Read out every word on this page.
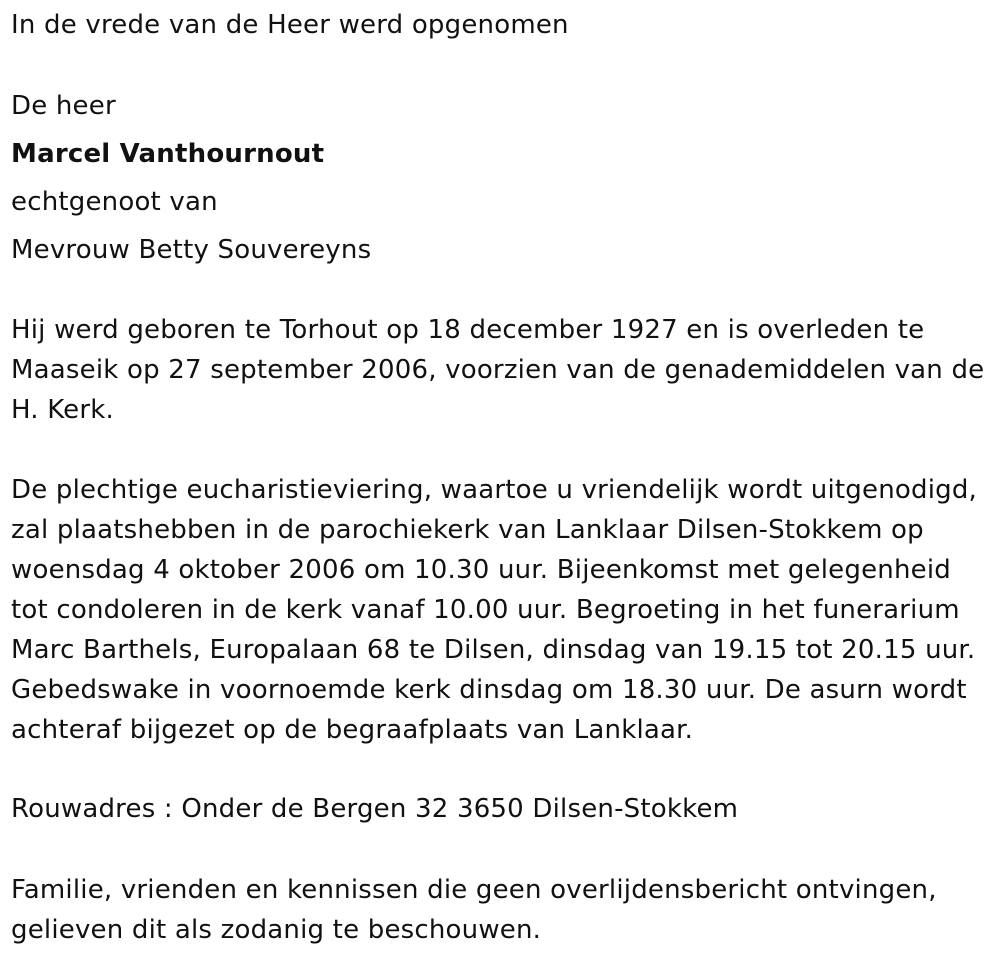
In de vrede van de Heer werd opgenomen
De heer
Marcel Vanthournout
echtgenoot van
Mevrouw Betty Souvereyns
Hij werd geboren te Torhout op 18 december 1927 en is overleden te
Maaseik op 27 september 2006, voorzien van de genademiddelen van de
H. Kerk.
De plechtige eucharistieviering, waartoe u vriendelijk wordt uitgenodigd,
zal plaatshebben in de parochiekerk van Lanklaar Dilsen-Stokkem op
woensdag 4 oktober 2006 om 10.30 uur. Bijeenkomst met gelegenheid
tot condoleren in de kerk vanaf 10.00 uur. Begroeting in het funerarium
Marc Barthels, Europalaan 68 te Dilsen, dinsdag van 19.15 tot 20.15 uur.
Gebedswake in voornoemde kerk dinsdag om 18.30 uur. De asurn wordt
achteraf bijgezet op de begraafplaats van Lanklaar.
Rouwadres : Onder de Bergen 32 3650 Dilsen-Stokkem
Familie, vrienden en kennissen die geen overlijdensbericht ontvingen,
gelieven dit als zodanig te beschouwen.
